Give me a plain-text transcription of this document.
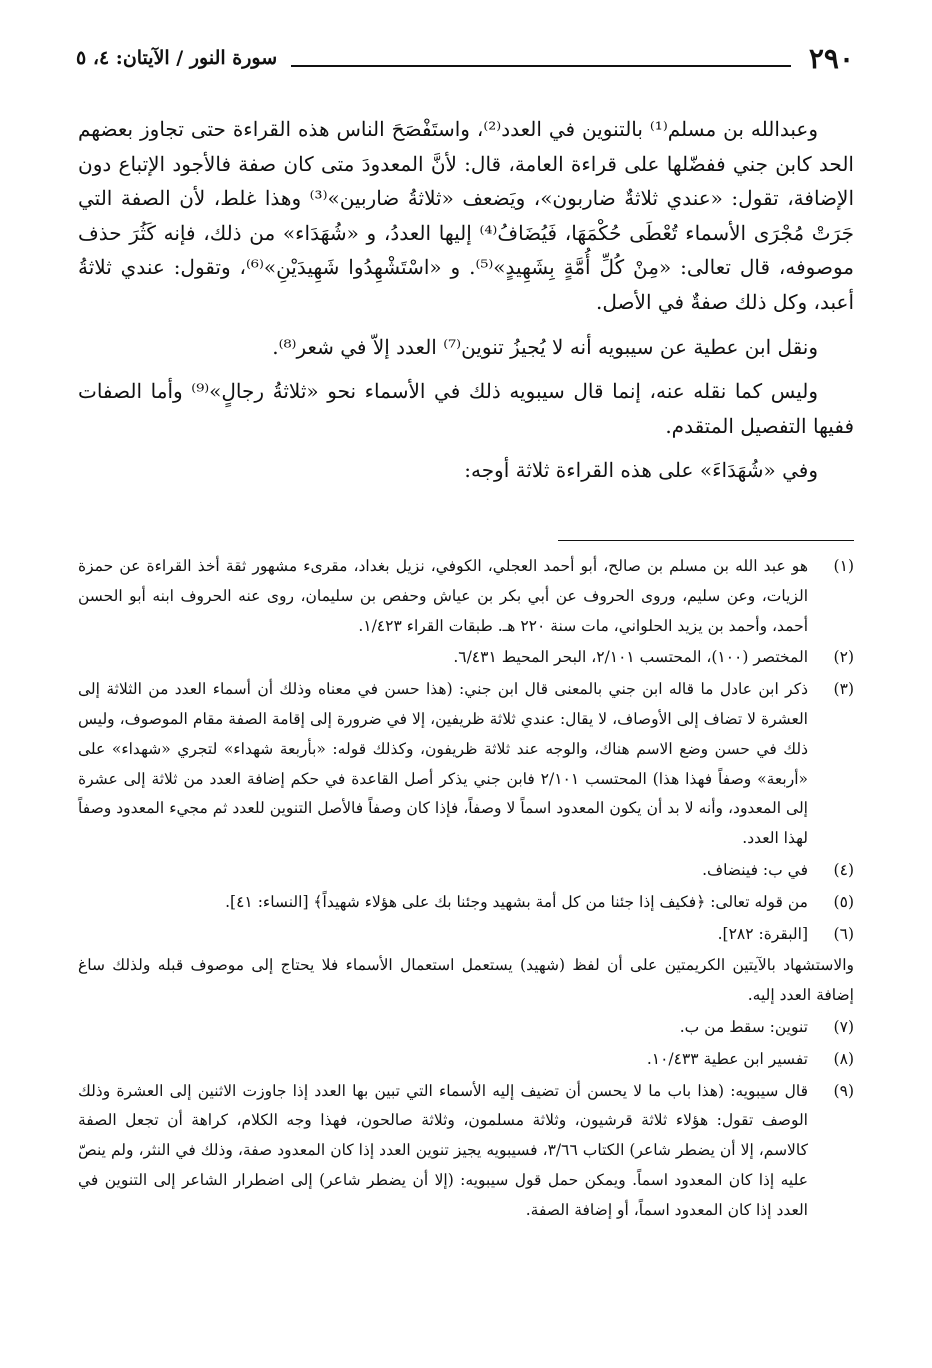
٢٩٠
سورة النور / الآيتان: ٤، ٥

وعبدالله بن مسلم⁽¹⁾ بالتنوين في العدد⁽²⁾، واستَفْصَحَ الناس هذه القراءة حتى تجاوز بعضهم الحد كابن جني ففضّلها على قراءة العامة، قال: لأنَّ المعدودَ متى كان صفة فالأجود الإتباع دون الإضافة، تقول: «عندي ثلاثةٌ ضاربون»، ويَضعف «ثلاثةُ ضاربين»⁽³⁾ وهذا غلط، لأن الصفة التي جَرَتْ مُجْرَى الأسماء تُعْطَى حُكْمَهَا، فَيُضَافُ⁽⁴⁾ إليها العددُ، و «شُهَدَاء» من ذلك، فإنه كَثُرَ حذف موصوفه، قال تعالى: «مِنْ كُلِّ أُمَّةٍ بِشَهِيدٍ»⁽⁵⁾. و «اسْتَشْهِدُوا شَهِيدَيْنِ»⁽⁶⁾، وتقول: عندي ثلاثةُ أعبد، وكل ذلك صفةٌ في الأصل.

ونقل ابن عطية عن سيبويه أنه لا يُجيزُ تنوين⁽⁷⁾ العدد إلاّ في شعر⁽⁸⁾.

وليس كما نقله عنه، إنما قال سيبويه ذلك في الأسماء نحو «ثلاثةُ رجالٍ»⁽⁹⁾ وأما الصفات ففيها التفصيل المتقدم.

وفي «شُهَدَاءَ» على هذه القراءة ثلاثة أوجه:

(١)
هو عبد الله بن مسلم بن صالح، أبو أحمد العجلي، الكوفي، نزيل بغداد، مقرىء مشهور ثقة أخذ القراءة عن حمزة الزيات، وعن سليم، وروى الحروف عن أبي بكر بن عياش وحفص بن سليمان، روى عنه الحروف ابنه أبو الحسن أحمد، وأحمد بن يزيد الحلواني، مات سنة ٢٢٠ هـ. طبقات القراء ١/٤٢٣.
(٢)
المختصر (١٠٠)، المحتسب ٢/١٠١، البحر المحيط ٦/٤٣١.
(٣)
ذكر ابن عادل ما قاله ابن جني بالمعنى قال ابن جني: (هذا حسن في معناه وذلك أن أسماء العدد من الثلاثة إلى العشرة لا تضاف إلى الأوصاف، لا يقال: عندي ثلاثة ظريفين، إلا في ضرورة إلى إقامة الصفة مقام الموصوف، وليس ذلك في حسن وضع الاسم هناك، والوجه عند ثلاثة ظريفون، وكذلك قوله: «بأربعة شهداء» لتجري «شهداء» على «أربعة» وصفاً فهذا هذا) المحتسب ٢/١٠١ فابن جني يذكر أصل القاعدة في حكم إضافة العدد من ثلاثة إلى عشرة إلى المعدود، وأنه لا بد أن يكون المعدود اسماً لا وصفاً، فإذا كان وصفاً فالأصل التنوين للعدد ثم مجيء المعدود وصفاً لهذا العدد.
(٤)
في ب: فينضاف.
(٥)
من قوله تعالى: ﴿فكيف إذا جئنا من كل أمة بشهيد وجئنا بك على هؤلاء شهيداً﴾ [النساء: ٤١].
(٦)
[البقرة: ٢٨٢].
والاستشهاد بالآيتين الكريمتين على أن لفظ (شهيد) يستعمل استعمال الأسماء فلا يحتاج إلى موصوف قبله ولذلك ساغ إضافة العدد إليه.
(٧)
تنوين: سقط من ب.
(٨)
تفسير ابن عطية ١٠/٤٣٣.
(٩)
قال سيبويه: (هذا باب ما لا يحسن أن تضيف إليه الأسماء التي تبين بها العدد إذا جاوزت الاثنين إلى العشرة وذلك الوصف تقول: هؤلاء ثلاثة قرشيون، وثلاثة مسلمون، وثلاثة صالحون، فهذا وجه الكلام، كراهة أن تجعل الصفة كالاسم، إلا أن يضطر شاعر) الكتاب ٣/٦٦، فسيبويه يجيز تنوين العدد إذا كان المعدود صفة، وذلك في النثر، ولم ينصّ عليه إذا كان المعدود اسماً. ويمكن حمل قول سيبويه: (إلا أن يضطر شاعر) إلى اضطرار الشاعر إلى التنوين في العدد إذا كان المعدود اسماً، أو إضافة الصفة.
